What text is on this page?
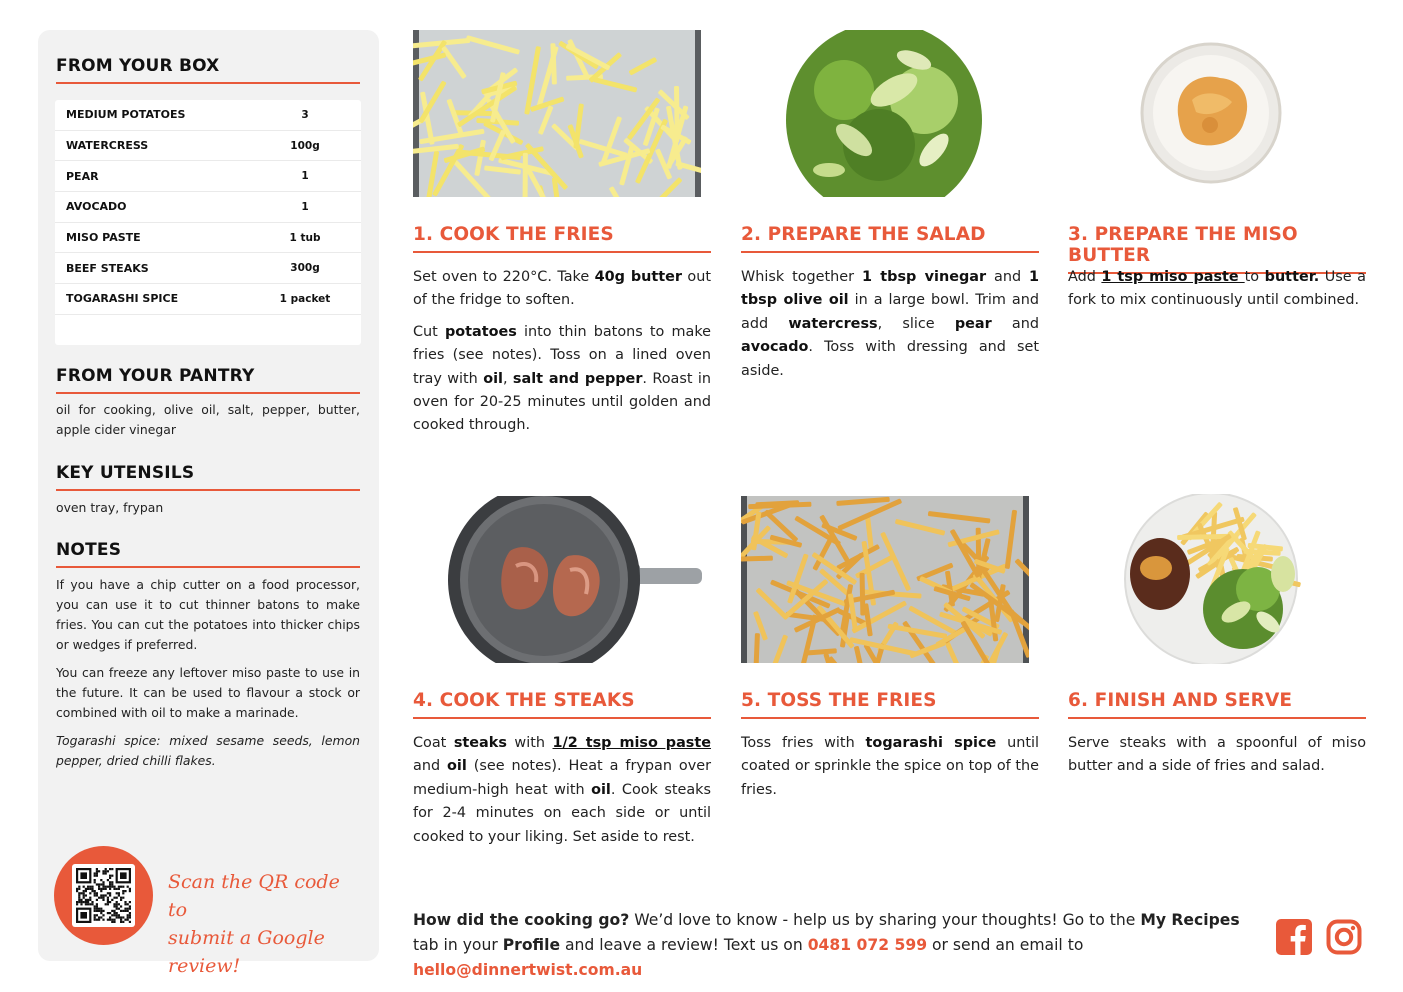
FROM YOUR BOX
MEDIUM POTATOES	3
WATERCRESS	100g
PEAR	1
AVOCADO	1
MISO PASTE	1 tub
BEEF STEAKS	300g
TOGARASHI SPICE	1 packet
FROM YOUR PANTRY
oil for cooking, olive oil, salt, pepper, butter, apple cider vinegar
KEY UTENSILS
oven tray, frypan
NOTES
If you have a chip cutter on a food processor, you can use it to cut thinner batons to make fries. You can cut the potatoes into thicker chips or wedges if preferred.
You can freeze any leftover miso paste to use in the future. It can be used to flavour a stock or combined with oil to make a marinade.
Togarashi spice: mixed sesame seeds, lemon pepper, dried chilli flakes.
Scan the QR code to
submit a Google review!
1. COOK THE FRIES

Set oven to 220°C. Take 40g butter out of the fridge to soften.

Cut potatoes into thin batons to make fries (see notes). Toss on a lined oven tray with oil, salt and pepper. Roast in oven for 20-25 minutes until golden and cooked through.

2. PREPARE THE SALAD

Whisk together 1 tbsp vinegar and 1 tbsp olive oil in a large bowl. Trim and add watercress, slice pear and avocado. Toss with dressing and set aside.

3. PREPARE THE MISO BUTTER

Add 1 tsp miso paste to butter. Use a fork to mix continuously until combined.

4. COOK THE STEAKS

Coat steaks with 1/2 tsp miso paste and oil (see notes). Heat a frypan over medium-high heat with oil. Cook steaks for 2-4 minutes on each side or until cooked to your liking. Set aside to rest.

5. TOSS THE FRIES

Toss fries with togarashi spice until coated or sprinkle the spice on top of the fries.

6. FINISH AND SERVE

Serve steaks with a spoonful of miso butter and a side of fries and salad.

How did the cooking go? We’d love to know - help us by sharing your thoughts! Go to the My Recipes tab in your Profile and leave a review! Text us on 0481 072 599 or send an email to hello@dinnertwist.com.au
